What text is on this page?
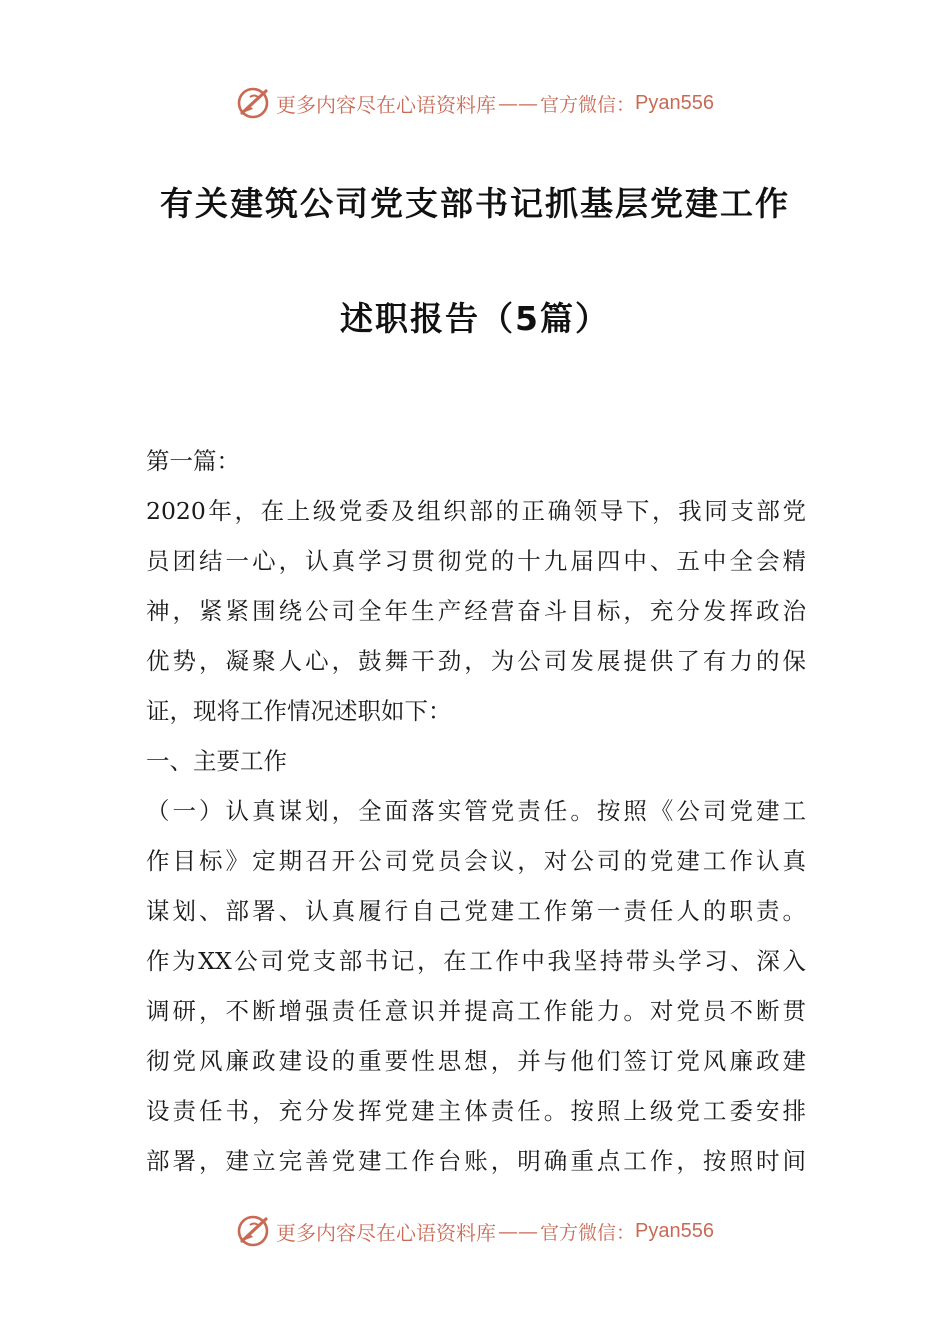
更多内容尽在心语资料库 —— 官方微信： Pyan556
有关建筑公司党支部书记抓基层党建工作
述职报告（5篇）
第一篇：
2020年，在上级党委及组织部的正确领导下，我同支部党
员团结一心，认真学习贯彻党的十九届四中、五中全会精
神，紧紧围绕公司全年生产经营奋斗目标，充分发挥政治
优势，凝聚人心，鼓舞干劲，为公司发展提供了有力的保
证，现将工作情况述职如下：
一、主要工作
（一）认真谋划，全面落实管党责任。按照《公司党建工
作目标》定期召开公司党员会议，对公司的党建工作认真
谋划、部署、认真履行自己党建工作第一责任人的职责。
作为XX公司党支部书记，在工作中我坚持带头学习、深入
调研，不断增强责任意识并提高工作能力。对党员不断贯
彻党风廉政建设的重要性思想，并与他们签订党风廉政建
设责任书，充分发挥党建主体责任。按照上级党工委安排
部署，建立完善党建工作台账，明确重点工作，按照时间
更多内容尽在心语资料库 —— 官方微信： Pyan556
